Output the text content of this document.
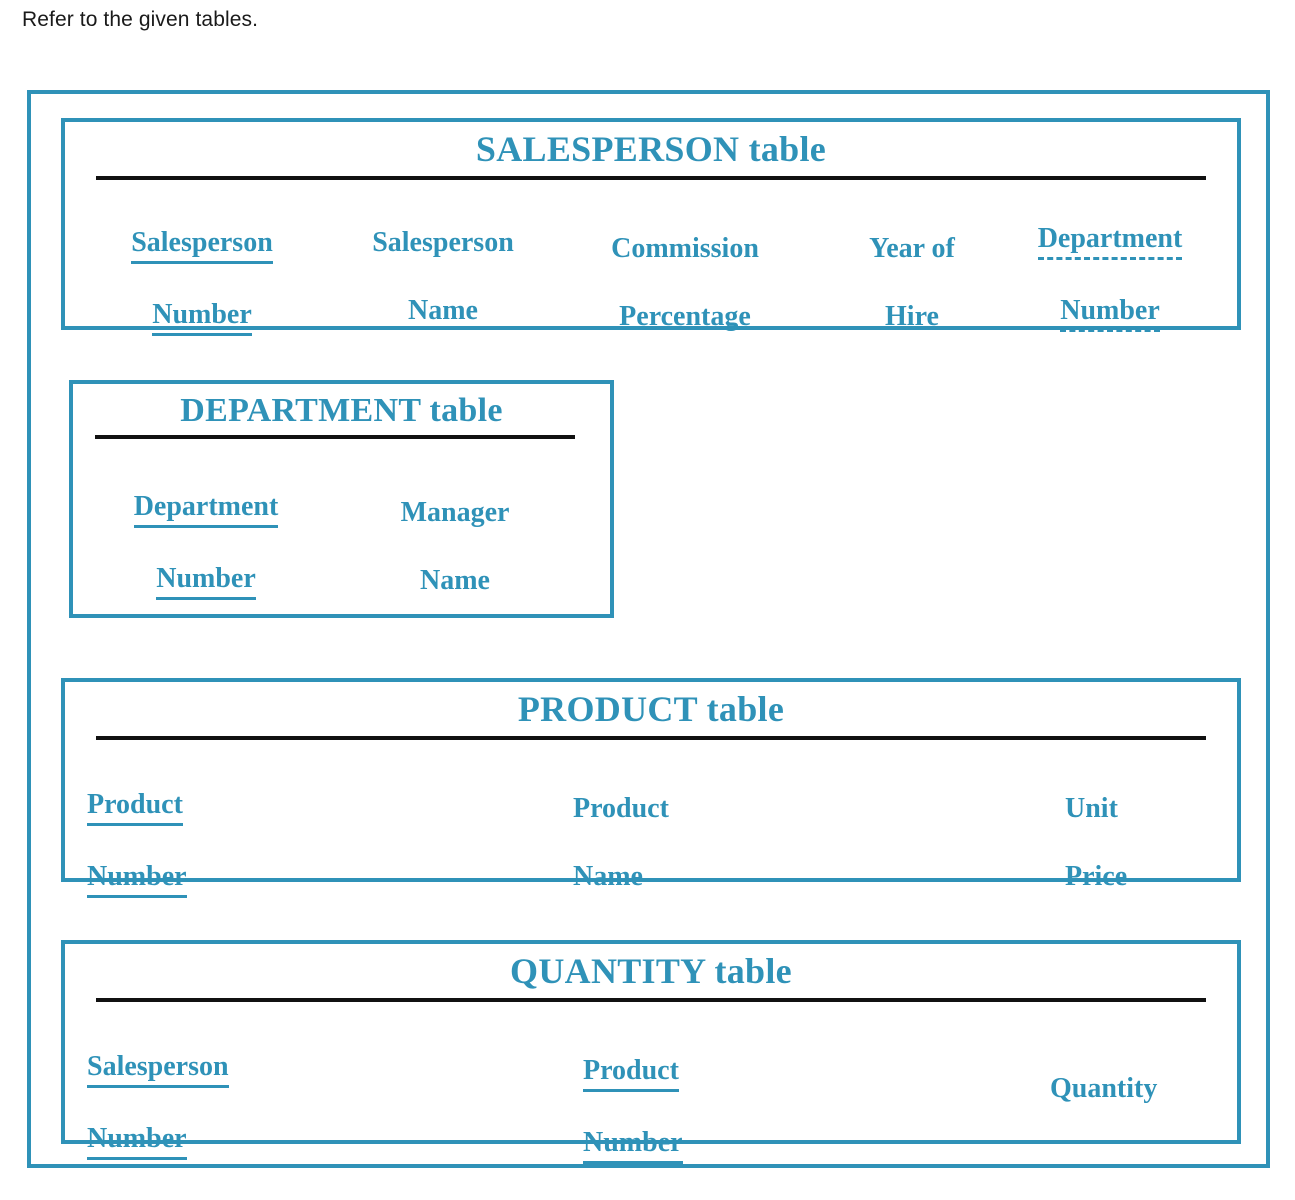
Refer to the given tables.
SALESPERSON table

Salesperson

Number

Salesperson

Name

Commission

Percentage

Year of

Hire

Department

Number

DEPARTMENT table

Department

Number

Manager

Name

PRODUCT table

Product

Number

Product

Name

Unit

Price

QUANTITY table

Salesperson

Number

Product

Number

Quantity
